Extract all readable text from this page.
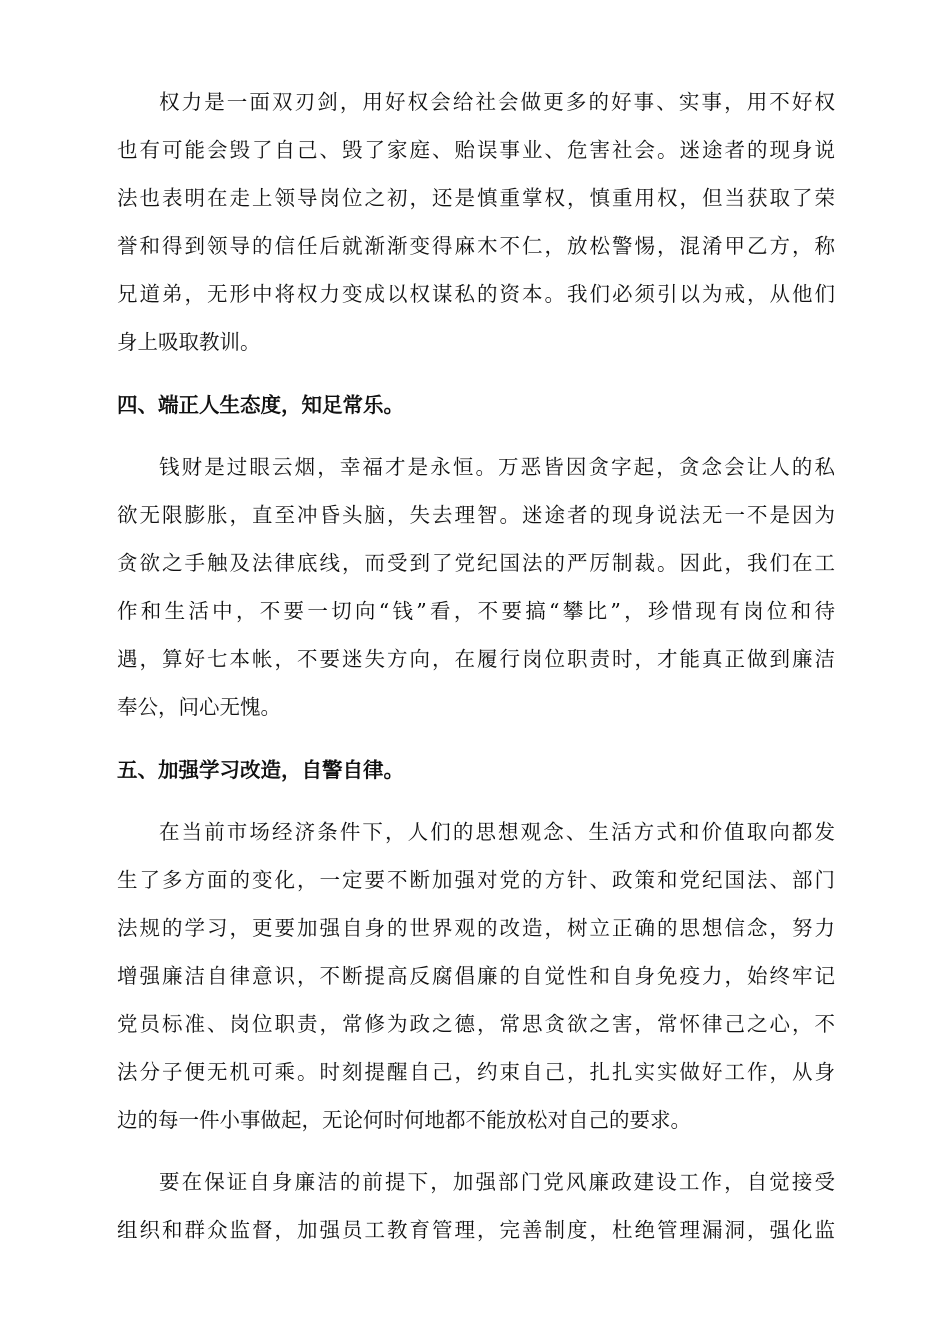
权力是一面双刃剑，用好权会给社会做更多的好事、实事，用不好权
也有可能会毁了自己、毁了家庭、贻误事业、危害社会。迷途者的现身说
法也表明在走上领导岗位之初，还是慎重掌权，慎重用权，但当获取了荣
誉和得到领导的信任后就渐渐变得麻木不仁，放松警惕，混淆甲乙方，称
兄道弟，无形中将权力变成以权谋私的资本。我们必须引以为戒，从他们
身上吸取教训。
四、端正人生态度，知足常乐。
钱财是过眼云烟，幸福才是永恒。万恶皆因贪字起，贪念会让人的私
欲无限膨胀，直至冲昏头脑，失去理智。迷途者的现身说法无一不是因为
贪欲之手触及法律底线，而受到了党纪国法的严厉制裁。因此，我们在工
作和生活中，不要一切向“钱”看，不要搞“攀比”，珍惜现有岗位和待
遇，算好七本帐，不要迷失方向，在履行岗位职责时，才能真正做到廉洁
奉公，问心无愧。
五、加强学习改造，自警自律。
在当前市场经济条件下，人们的思想观念、生活方式和价值取向都发
生了多方面的变化，一定要不断加强对党的方针、政策和党纪国法、部门
法规的学习，更要加强自身的世界观的改造，树立正确的思想信念，努力
增强廉洁自律意识，不断提高反腐倡廉的自觉性和自身免疫力，始终牢记
党员标准、岗位职责，常修为政之德，常思贪欲之害，常怀律己之心，不
法分子便无机可乘。时刻提醒自己，约束自己，扎扎实实做好工作，从身
边的每一件小事做起，无论何时何地都不能放松对自己的要求。
要在保证自身廉洁的前提下，加强部门党风廉政建设工作，自觉接受
组织和群众监督，加强员工教育管理，完善制度，杜绝管理漏洞，强化监
